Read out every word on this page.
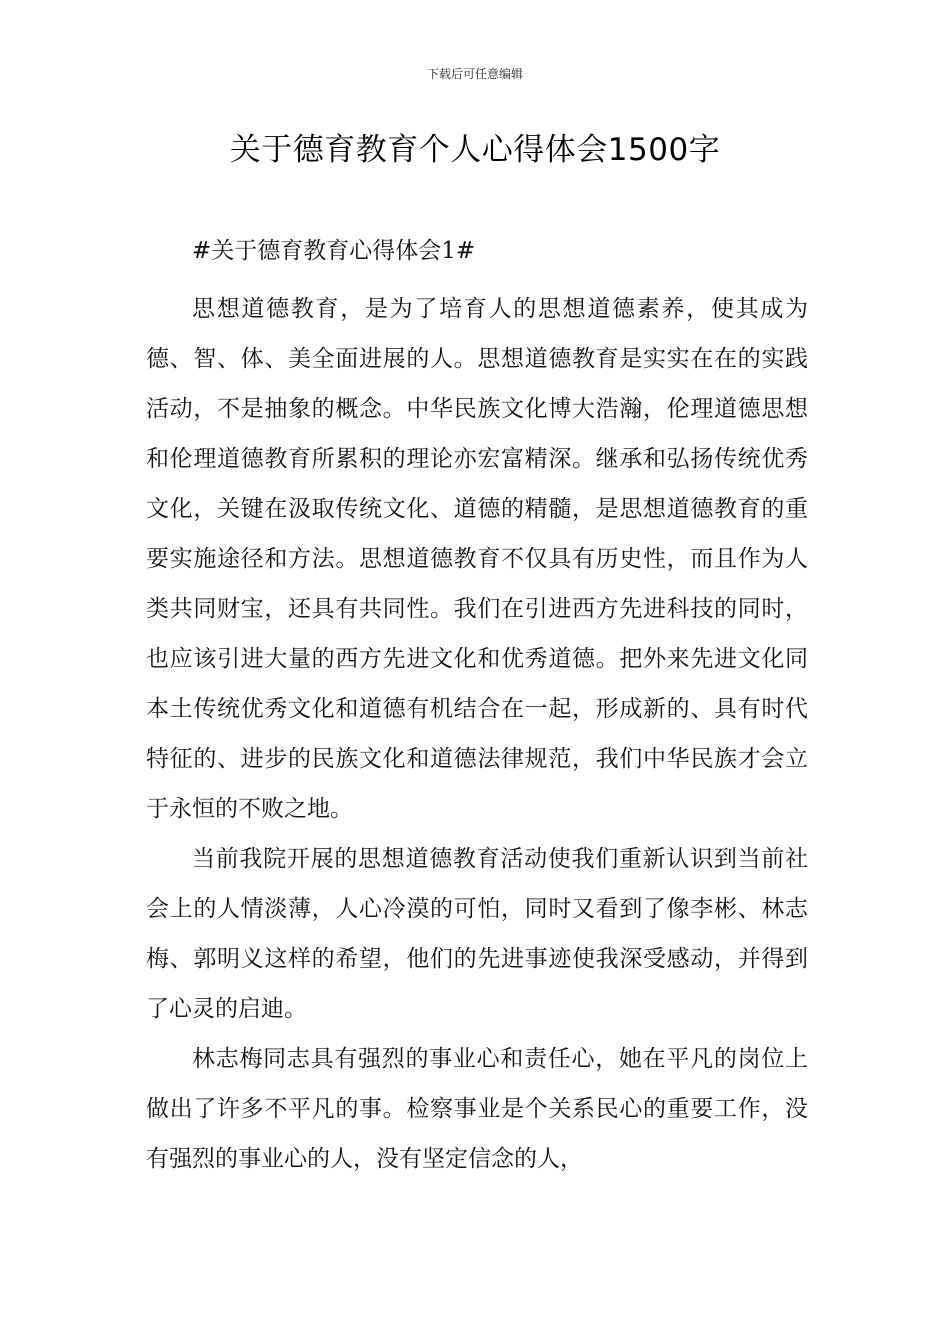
下载后可任意编辑
关于德育教育个人心得体会1500字

#关于德育教育心得体会1#

思想道德教育，是为了培育人的思想道德素养，使其成为德、智、体、美全面进展的人。思想道德教育是实实在在的实践活动，不是抽象的概念。中华民族文化博大浩瀚，伦理道德思想和伦理道德教育所累积的理论亦宏富精深。继承和弘扬传统优秀文化，关键在汲取传统文化、道德的精髓，是思想道德教育的重要实施途径和方法。思想道德教育不仅具有历史性，而且作为人类共同财宝，还具有共同性。我们在引进西方先进科技的同时，也应该引进大量的西方先进文化和优秀道德。把外来先进文化同本土传统优秀文化和道德有机结合在一起，形成新的、具有时代特征的、进步的民族文化和道德法律规范，我们中华民族才会立于永恒的不败之地。

当前我院开展的思想道德教育活动使我们重新认识到当前社会上的人情淡薄，人心冷漠的可怕，同时又看到了像李彬、林志梅、郭明义这样的希望，他们的先进事迹使我深受感动，并得到了心灵的启迪。

林志梅同志具有强烈的事业心和责任心，她在平凡的岗位上做出了许多不平凡的事。检察事业是个关系民心的重要工作，没有强烈的事业心的人，没有坚定信念的人，
